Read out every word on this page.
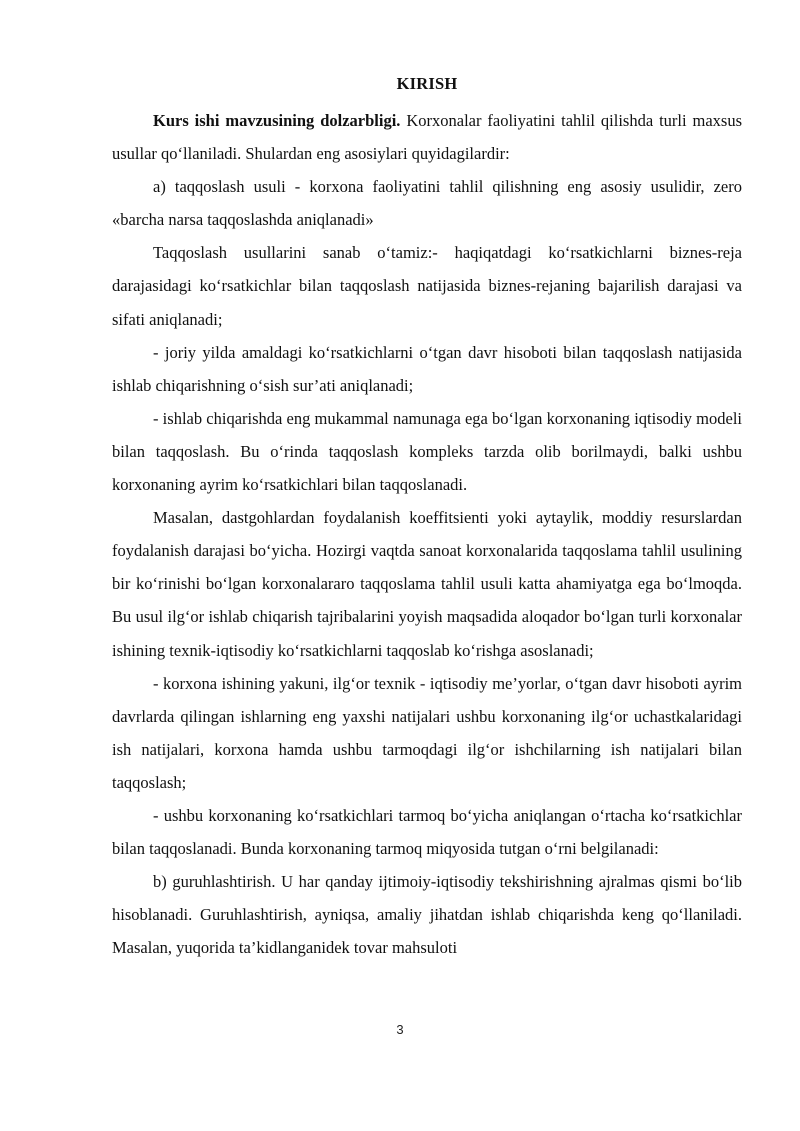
KIRISH

Kurs ishi mavzusining dolzarbligi. Korxonalar faoliyatini tahlil qilishda turli maxsus usullar qo‘llaniladi. Shulardan eng asosiylari quyidagilardir:

a) taqqoslash usuli - korxona faoliyatini tahlil qilishning eng asosiy usulidir, zero «barcha narsa taqqoslashda aniqlanadi»

Taqqoslash usullarini sanab o‘tamiz:- haqiqatdagi ko‘rsatkichlarni biznes-reja darajasidagi ko‘rsatkichlar bilan taqqoslash natijasida biznes-rejaning bajarilish darajasi va sifati aniqlanadi;

- joriy yilda amaldagi ko‘rsatkichlarni o‘tgan davr hisoboti bilan taqqoslash natijasida ishlab chiqarishning o‘sish sur’ati aniqlanadi;

- ishlab chiqarishda eng mukammal namunaga ega bo‘lgan korxonaning iqtisodiy modeli bilan taqqoslash. Bu o‘rinda taqqoslash kompleks tarzda olib borilmaydi, balki ushbu korxonaning ayrim ko‘rsatkichlari bilan taqqoslanadi.

Masalan, dastgohlardan foydalanish koeffitsienti yoki aytaylik, moddiy resurslardan foydalanish darajasi bo‘yicha. Hozirgi vaqtda sanoat korxonalarida taqqoslama tahlil usulining bir ko‘rinishi bo‘lgan korxonalararo taqqoslama tahlil usuli katta ahamiyatga ega bo‘lmoqda. Bu usul ilg‘or ishlab chiqarish tajribalarini yoyish maqsadida aloqador bo‘lgan turli korxonalar ishining texnik-iqtisodiy ko‘rsatkichlarni taqqoslab ko‘rishga asoslanadi;

- korxona ishining yakuni, ilg‘or texnik - iqtisodiy me’yorlar, o‘tgan davr hisoboti ayrim davrlarda qilingan ishlarning eng yaxshi natijalari ushbu korxonaning ilg‘or uchastkalaridagi ish natijalari, korxona hamda ushbu tarmoqdagi ilg‘or ishchilarning ish natijalari bilan taqqoslash;

- ushbu korxonaning ko‘rsatkichlari tarmoq bo‘yicha aniqlangan o‘rtacha ko‘rsatkichlar bilan taqqoslanadi. Bunda korxonaning tarmoq miqyosida tutgan o‘rni belgilanadi:

b) guruhlashtirish. U har qanday ijtimoiy-iqtisodiy tekshirishning ajralmas qismi bo‘lib hisoblanadi. Guruhlashtirish, ayniqsa, amaliy jihatdan ishlab chiqarishda keng qo‘llaniladi. Masalan, yuqorida ta’kidlanganidek tovar mahsuloti

3
